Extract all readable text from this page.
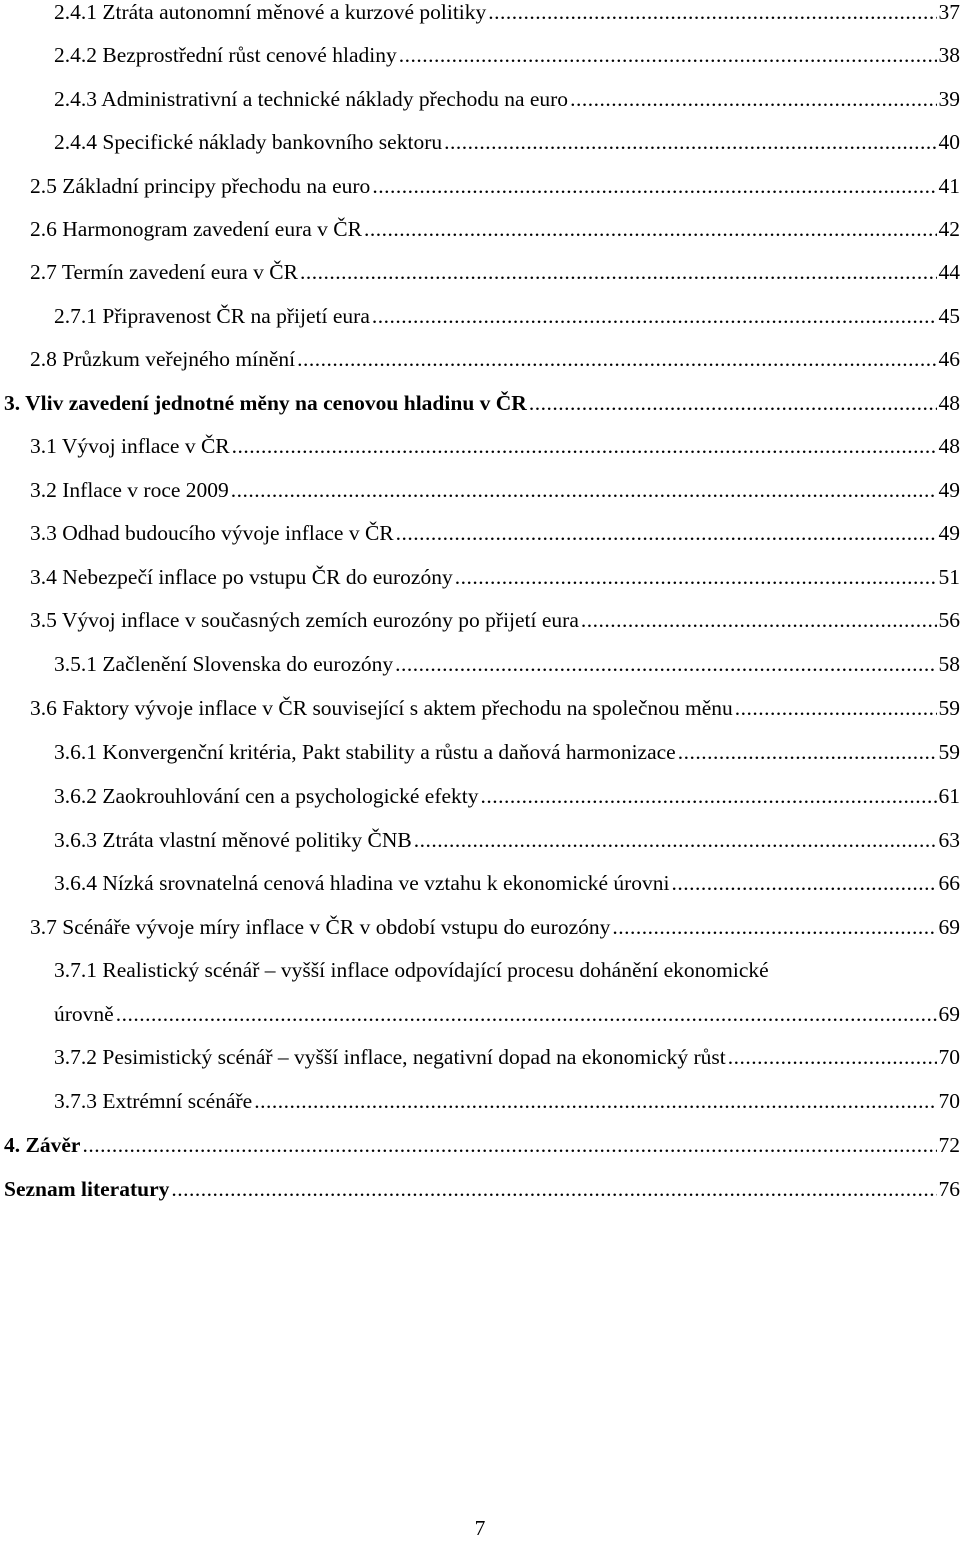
2.4.1 Ztráta autonomní měnové a kurzové politiky .....	37
2.4.2 Bezprostřední růst cenové hladiny .....	38
2.4.3 Administrativní a technické náklady přechodu na euro .....	39
2.4.4 Specifické náklady bankovního sektoru .....	40
2.5 Základní principy přechodu na euro .....	41
2.6 Harmonogram zavedení eura v ČR .....	42
2.7 Termín zavedení eura v ČR .....	44
2.7.1 Připravenost ČR na přijetí eura .....	45
2.8 Průzkum veřejného mínění .....	46
3. Vliv zavedení jednotné měny na cenovou hladinu v ČR .....	48
3.1 Vývoj inflace v ČR .....	48
3.2 Inflace v roce 2009 .....	49
3.3 Odhad budoucího vývoje inflace v ČR .....	49
3.4 Nebezpečí inflace po vstupu ČR do eurozóny .....	51
3.5 Vývoj inflace v současných zemích eurozóny po přijetí eura .....	56
3.5.1 Začlenění Slovenska do eurozóny .....	58
3.6 Faktory vývoje inflace v ČR související s aktem přechodu na společnou měnu .....	59
3.6.1 Konvergenční kritéria, Pakt stability a růstu a daňová harmonizace .....	59
3.6.2 Zaokrouhlování cen a psychologické efekty .....	61
3.6.3 Ztráta vlastní měnové politiky ČNB .....	63
3.6.4 Nízká srovnatelná cenová hladina ve vztahu k ekonomické úrovni .....	66
3.7 Scénáře vývoje míry inflace v ČR v období vstupu do eurozóny .....	69
3.7.1 Realistický scénář – vyšší inflace odpovídající procesu dohánění ekonomické
úrovně .....	69
3.7.2 Pesimistický scénář – vyšší inflace, negativní dopad na ekonomický růst .....	70
3.7.3 Extrémní scénáře .....	70
4. Závěr .....	72
Seznam literatury .....	76
7
